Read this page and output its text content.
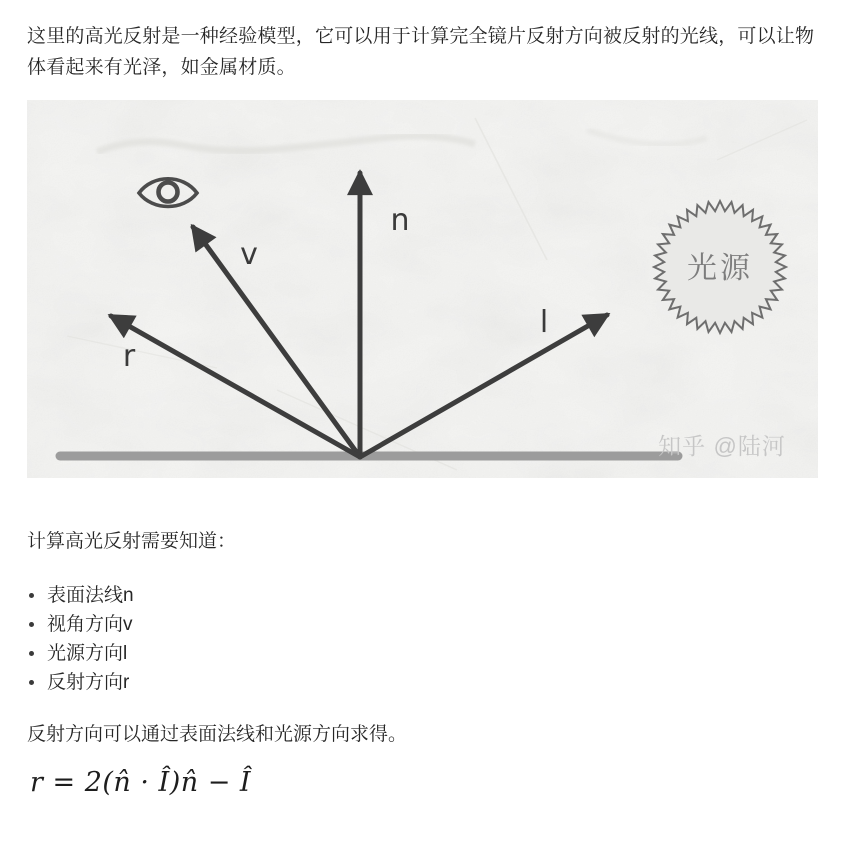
这里的高光反射是一种经验模型，它可以用于计算完全镜片反射方向被反射的光线，可以让物体看起来有光泽，如金属材质。

n
v
r
l
光源
知乎 @陆河

计算高光反射需要知道：

表面法线n
视角方向v
光源方向l
反射方向r

反射方向可以通过表面法线和光源方向求得。

r = 2(n̂ · Î)n̂ − Î
